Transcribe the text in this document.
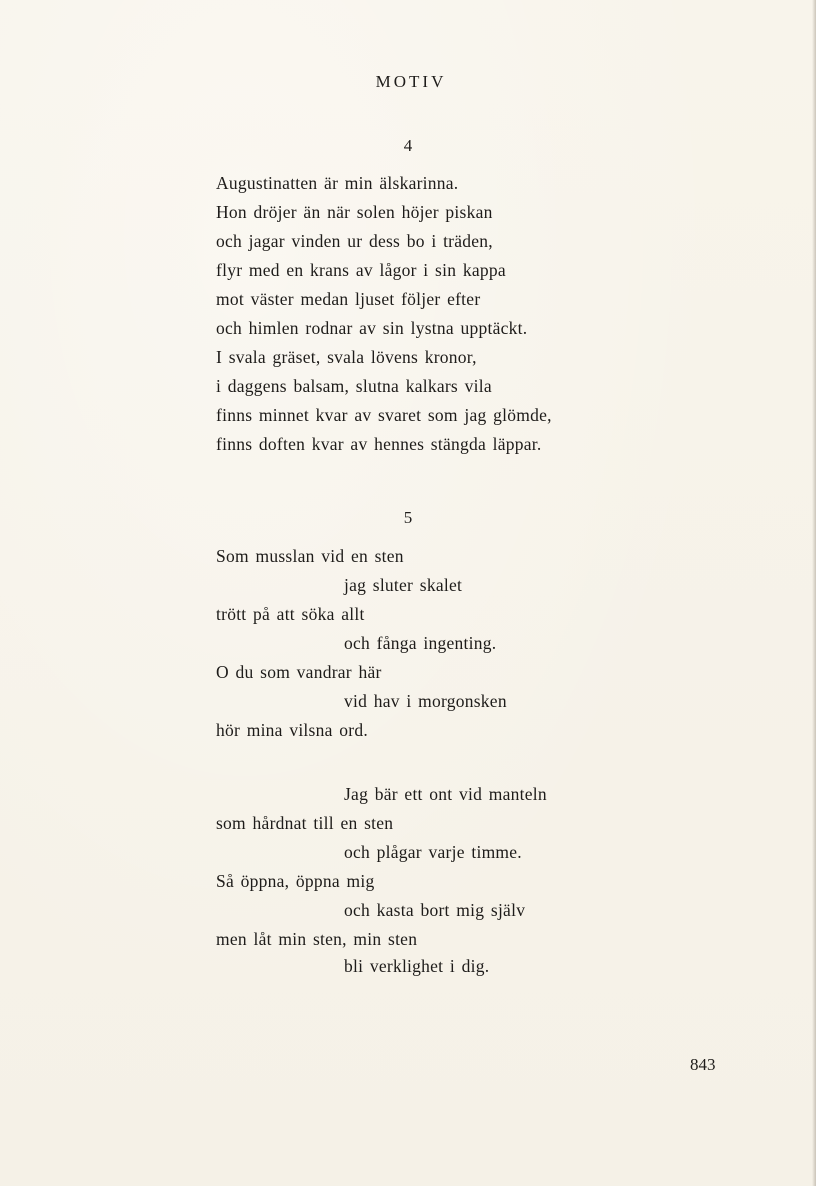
MOTIV
4
Augustinatten är min älskarinna.
Hon dröjer än när solen höjer piskan
och jagar vinden ur dess bo i träden,
flyr med en krans av lågor i sin kappa
mot väster medan ljuset följer efter
och himlen rodnar av sin lystna upptäckt.
I svala gräset, svala lövens kronor,
i daggens balsam, slutna kalkars vila
finns minnet kvar av svaret som jag glömde,
finns doften kvar av hennes stängda läppar.
5
Som musslan vid en sten
jag sluter skalet
trött på att söka allt
och fånga ingenting.
O du som vandrar här
vid hav i morgonsken
hör mina vilsna ord.
Jag bär ett ont vid manteln
som hårdnat till en sten
och plågar varje timme.
Så öppna, öppna mig
och kasta bort mig själv
men låt min sten, min sten
bli verklighet i dig.
843
